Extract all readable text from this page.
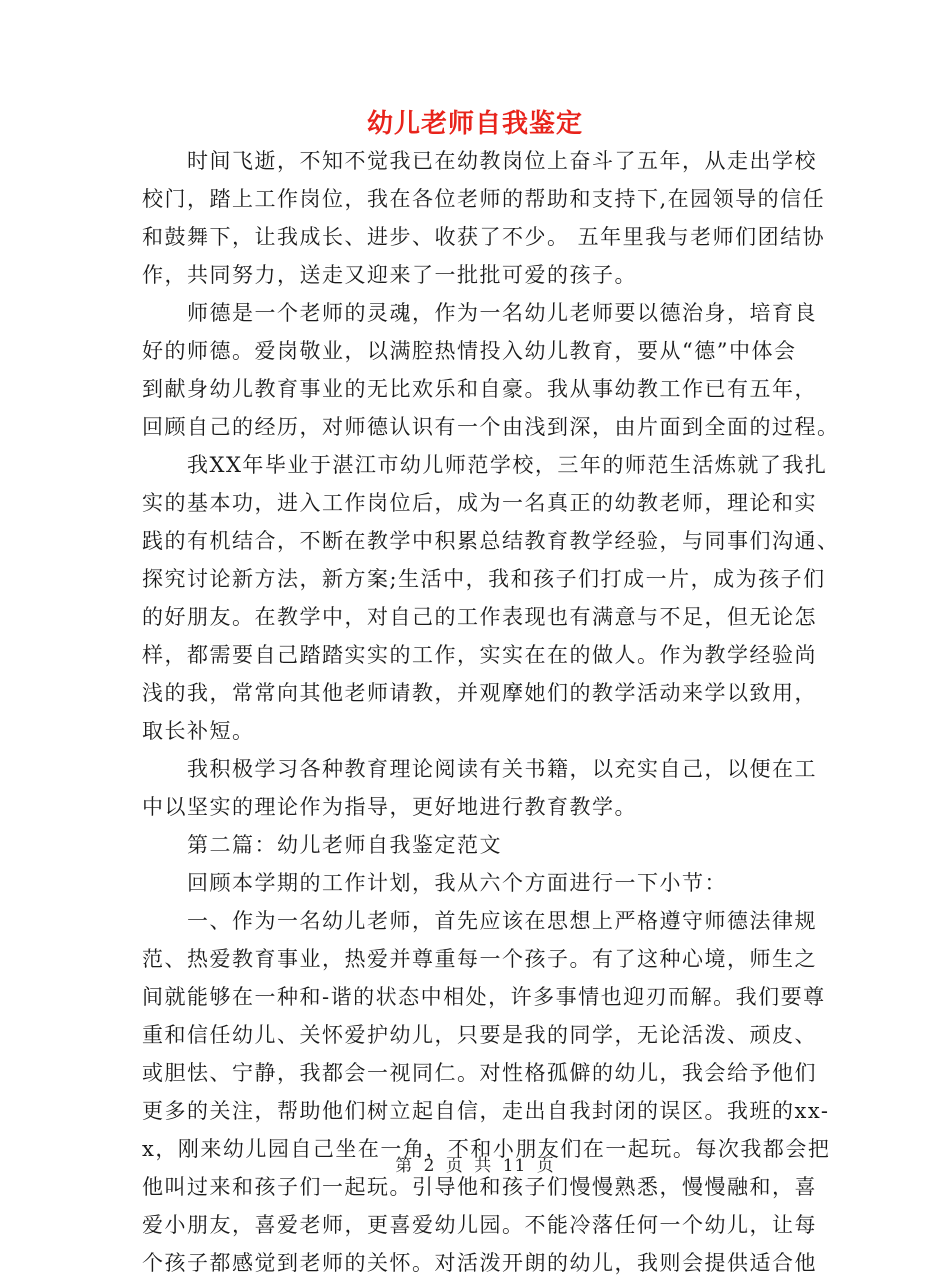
幼儿老师自我鉴定
时间飞逝，不知不觉我已在幼教岗位上奋斗了五年，从走出学校
校门，踏上工作岗位，我在各位老师的帮助和支持下,在园领导的信任
和鼓舞下，让我成长、进步、收获了不少。 五年里我与老师们团结协
作，共同努力，送走又迎来了一批批可爱的孩子。
师德是一个老师的灵魂，作为一名幼儿老师要以德治身，培育良
好的师德。爱岗敬业，以满腔热情投入幼儿教育，要从“德”中体会
到献身幼儿教育事业的无比欢乐和自豪。我从事幼教工作已有五年，
回顾自己的经历，对师德认识有一个由浅到深，由片面到全面的过程。
我XX年毕业于湛江市幼儿师范学校，三年的师范生活炼就了我扎
实的基本功，进入工作岗位后，成为一名真正的幼教老师，理论和实
践的有机结合，不断在教学中积累总结教育教学经验，与同事们沟通、
探究讨论新方法，新方案;生活中，我和孩子们打成一片，成为孩子们
的好朋友。在教学中，对自己的工作表现也有满意与不足，但无论怎
样，都需要自己踏踏实实的工作，实实在在的做人。作为教学经验尚
浅的我，常常向其他老师请教，并观摩她们的教学活动来学以致用，
取长补短。
我积极学习各种教育理论阅读有关书籍，以充实自己，以便在工
中以坚实的理论作为指导，更好地进行教育教学。
第二篇：幼儿老师自我鉴定范文
回顾本学期的工作计划，我从六个方面进行一下小节：
一、作为一名幼儿老师，首先应该在思想上严格遵守师德法律规
范、热爱教育事业，热爱并尊重每一个孩子。有了这种心境，师生之
间就能够在一种和-谐的状态中相处，许多事情也迎刃而解。我们要尊
重和信任幼儿、关怀爱护幼儿，只要是我的同学，无论活泼、顽皮、
或胆怯、宁静，我都会一视同仁。对性格孤僻的幼儿，我会给予他们
更多的关注，帮助他们树立起自信，走出自我封闭的误区。我班的xx-
x，刚来幼儿园自己坐在一角，不和小朋友们在一起玩。每次我都会把
他叫过来和孩子们一起玩。引导他和孩子们慢慢熟悉，慢慢融和，喜
爱小朋友，喜爱老师，更喜爱幼儿园。不能冷落任何一个幼儿，让每
个孩子都感觉到老师的关怀。对活泼开朗的幼儿，我则会提供适合他
第 2 页 共 11 页
